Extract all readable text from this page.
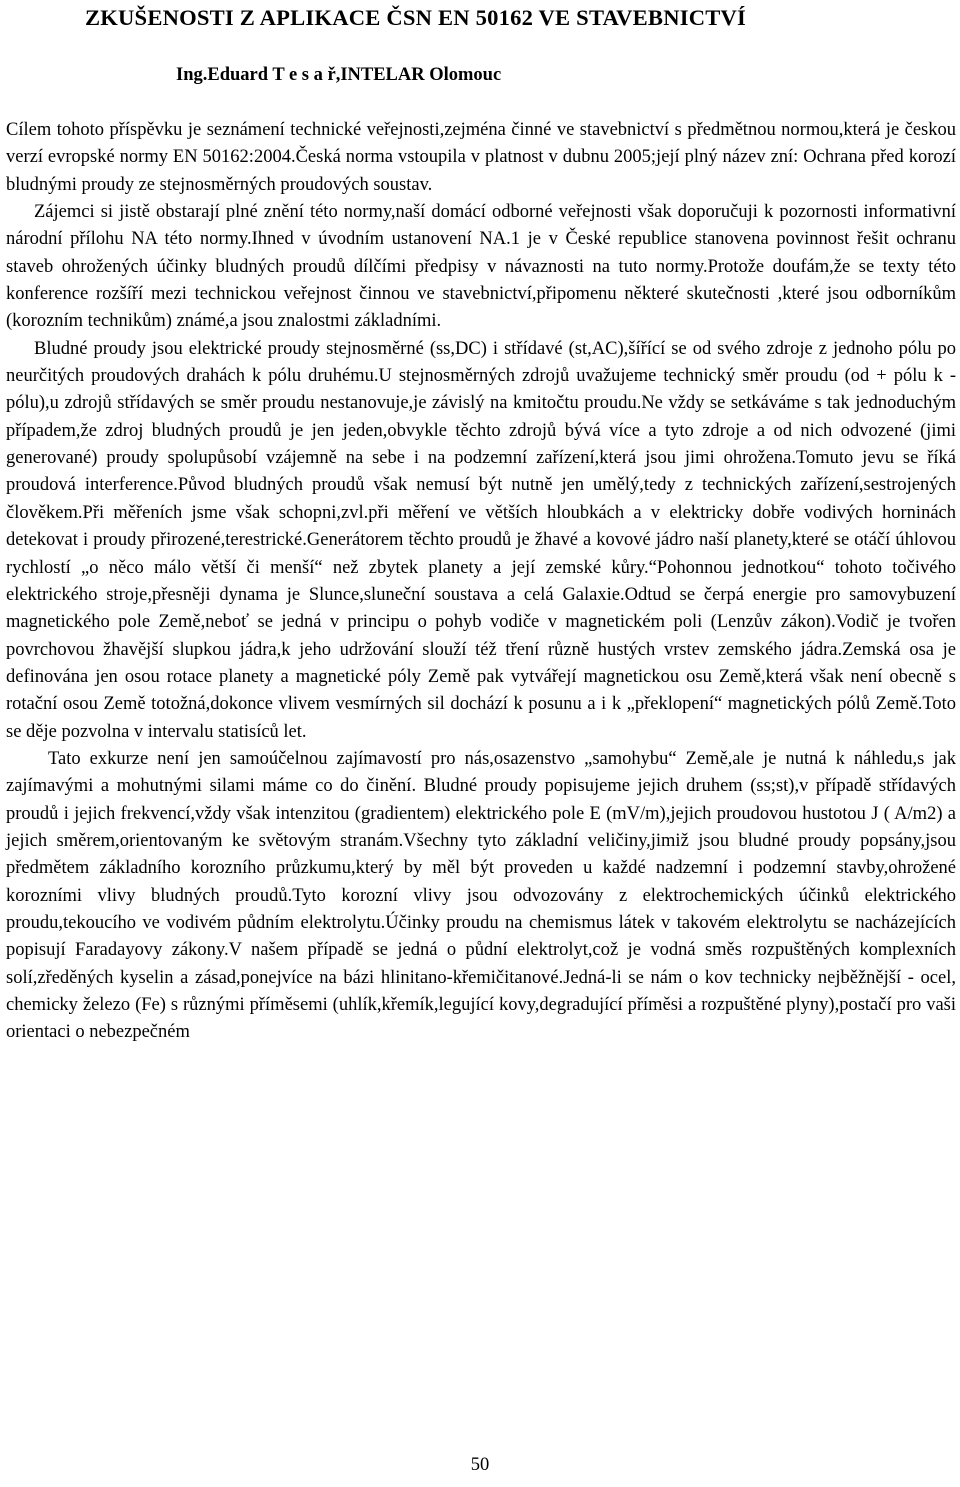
ZKUŠENOSTI Z APLIKACE ČSN EN 50162 VE STAVEBNICTVÍ
Ing.Eduard T e s a ř,INTELAR Olomouc

Cílem tohoto příspěvku je seznámení technické veřejnosti,zejména činné ve stavebnictví s předmětnou normou,která je českou verzí evropské normy EN 50162:2004.Česká norma vstoupila v platnost v dubnu 2005;její plný název zní: Ochrana před korozí bludnými proudy ze stejnosměrných proudových soustav.

Zájemci si jistě obstarají plné znění této normy,naší domácí odborné veřejnosti však doporučuji k pozornosti informativní národní přílohu NA této normy.Ihned v úvodním ustanovení NA.1 je v České republice stanovena povinnost řešit ochranu staveb ohrožených účinky bludných proudů dílčími předpisy v návaznosti na tuto normy.Protože doufám,že se texty této konference rozšíří mezi technickou veřejnost činnou ve stavebnictví,připomenu některé skutečnosti ,které jsou odborníkům (korozním technikům) známé,a jsou znalostmi základními.

Bludné proudy jsou elektrické proudy stejnosměrné (ss,DC) i střídavé (st,AC),šířící se od svého zdroje z jednoho pólu po neurčitých proudových drahách k pólu druhému.U stejnosměrných zdrojů uvažujeme technický směr proudu (od + pólu k - pólu),u zdrojů střídavých se směr proudu nestanovuje,je závislý na kmitočtu proudu.Ne vždy se setkáváme s tak jednoduchým případem,že zdroj bludných proudů je jen jeden,obvykle těchto zdrojů bývá více a tyto zdroje a od nich odvozené (jimi generované) proudy spolupůsobí vzájemně na sebe i na podzemní zařízení,která jsou jimi ohrožena.Tomuto jevu se říká proudová interference.Původ bludných proudů však nemusí být nutně jen umělý,tedy z technických zařízení,sestrojených člověkem.Při měřeních jsme však schopni,zvl.při měření ve větších hloubkách a v elektricky dobře vodivých horninách detekovat i proudy přirozené,terestrické.Generátorem těchto proudů je žhavé a kovové jádro naší planety,které se otáčí úhlovou rychlostí „o něco málo větší či menší“ než zbytek planety a její zemské kůry.“Pohonnou jednotkou“ tohoto točivého elektrického stroje,přesněji dynama je Slunce,sluneční soustava a celá Galaxie.Odtud se čerpá energie pro samovybuzení magnetického pole Země,neboť se jedná v principu o pohyb vodiče v magnetickém poli (Lenzův zákon).Vodič je tvořen povrchovou žhavější slupkou jádra,k jeho udržování slouží též tření různě hustých vrstev zemského jádra.Zemská osa je definována jen osou rotace planety a magnetické póly Země pak vytvářejí magnetickou osu Země,která však není obecně s rotační osou Země totožná,dokonce vlivem vesmírných sil dochází k posunu a i k „překlopení“ magnetických pólů Země.Toto se děje pozvolna v intervalu statisíců let.

Tato exkurze není jen samoúčelnou zajímavostí pro nás,osazenstvo „samohybu“ Země,ale je nutná k náhledu,s jak zajímavými a mohutnými silami máme co do činění. Bludné proudy popisujeme jejich druhem (ss;st),v případě střídavých proudů i jejich frekvencí,vždy však intenzitou (gradientem) elektrického pole E (mV/m),jejich proudovou hustotou J ( A/m2) a jejich směrem,orientovaným ke světovým stranám.Všechny tyto základní veličiny,jimiž jsou bludné proudy popsány,jsou předmětem základního korozního průzkumu,který by měl být proveden u každé nadzemní i podzemní stavby,ohrožené korozními vlivy bludných proudů.Tyto korozní vlivy jsou odvozovány z elektrochemických účinků elektrického proudu,tekoucího ve vodivém půdním elektrolytu.Účinky proudu na chemismus látek v takovém elektrolytu se nacházejících popisují Faradayovy zákony.V našem případě se jedná o půdní elektrolyt,což je vodná směs rozpuštěných komplexních solí,zředěných kyselin a zásad,ponejvíce na bázi hlinitano-křemičitanové.Jedná-li se nám o kov technicky nejběžnější - ocel, chemicky železo (Fe) s různými příměsemi (uhlík,křemík,legující kovy,degradující příměsi a rozpuštěné plyny),postačí pro vaši orientaci o nebezpečném

50
